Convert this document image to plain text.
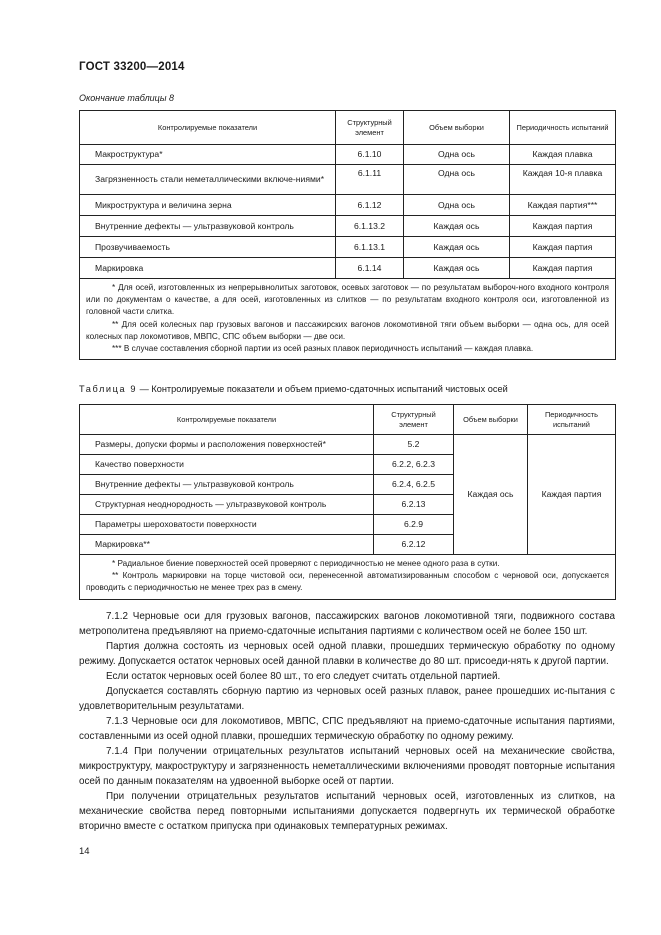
ГОСТ 33200—2014
Окончание таблицы 8
Контролируемые показатели	Структурный элемент	Объем выборки	Периодичность испытаний
Макроструктура*	6.1.10	Одна ось	Каждая плавка
Загрязненность стали неметаллическими включе-ниями*	6.1.11	Одна ось	Каждая 10-я плавка
Микроструктура и величина зерна	6.1.12	Одна ось	Каждая партия***
Внутренние дефекты — ультразвуковой контроль	6.1.13.2	Каждая ось	Каждая партия
Прозвучиваемость	6.1.13.1	Каждая ось	Каждая партия
Маркировка	6.1.14	Каждая ось	Каждая партия

* Для осей, изготовленных из непрерывнолитых заготовок, осевых заготовок — по результатам выбороч-ного входного контроля или по документам о качестве, а для осей, изготовленных из слитков — по результатам входного контроля оси, изготовленной из головной части слитка.

** Для осей колесных пар грузовых вагонов и пассажирских вагонов локомотивной тяги объем выборки — одна ось, для осей колесных пар локомотивов, МВПС, СПС объем выборки — две оси.

*** В случае составления сборной партии из осей разных плавок периодичность испытаний — каждая плавка.			

Таблица 9 — Контролируемые показатели и объем приемо-сдаточных испытаний чистовых осей
Контролируемые показатели	Структурный элемент	Объем выборки	Периодичность испытаний
Размеры, допуски формы и расположения поверхностей*	5.2	Каждая ось	Каждая партия
Качество поверхности	6.2.2, 6.2.3		
Внутренние дефекты — ультразвуковой контроль	6.2.4, 6.2.5		
Структурная неоднородность — ультразвуковой контроль	6.2.13		
Параметры шероховатости поверхности	6.2.9		
Маркировка**	6.2.12		

* Радиальное биение поверхностей осей проверяют с периодичностью не менее одного раза в сутки.

** Контроль маркировки на торце чистовой оси, перенесенной автоматизированным способом с черновой оси, допускается проводить с периодичностью не менее трех раз в смену.			

7.1.2 Черновые оси для грузовых вагонов, пассажирских вагонов локомотивной тяги, подвижного состава метрополитена предъявляют на приемо-сдаточные испытания партиями с количеством осей не более 150 шт.

Партия должна состоять из черновых осей одной плавки, прошедших термическую обработку по одному режиму. Допускается остаток черновых осей данной плавки в количестве до 80 шт. присоеди-нять к другой партии.

Если остаток черновых осей более 80 шт., то его следует считать отдельной партией.

Допускается составлять сборную партию из черновых осей разных плавок, ранее прошедших ис-пытания с удовлетворительным результатами.

7.1.3 Черновые оси для локомотивов, МВПС, СПС предъявляют на приемо-сдаточные испытания партиями, составленными из осей одной плавки, прошедших термическую обработку по одному режиму.

7.1.4 При получении отрицательных результатов испытаний черновых осей на механические свойства, микроструктуру, макроструктуру и загрязненность неметаллическими включениями проводят повторные испытания осей по данным показателям на удвоенной выборке осей от партии.

При получении отрицательных результатов испытаний черновых осей, изготовленных из слитков, на механические свойства перед повторными испытаниями допускается подвергнуть их термической обработке вторично вместе с остатком припуска при одинаковых температурных режимах.

14
